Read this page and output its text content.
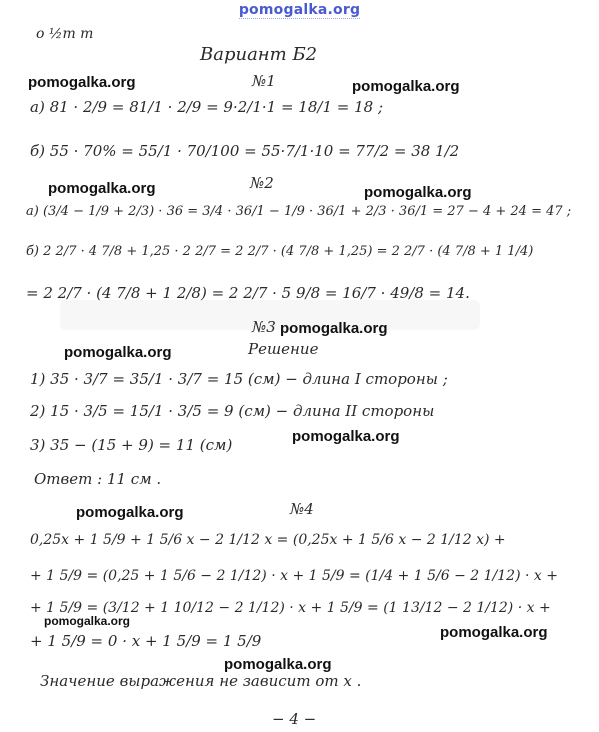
pomogalka.org
о ½m m
Вариант Б2
№1
а) 81 · 2/9 = 81/1 · 2/9 = 9·2/1·1 = 18/1 = 18 ;
б) 55 · 70% = 55/1 · 70/100 = 55·7/1·10 = 77/2 = 38 1/2
№2
а) (3/4 − 1/9 + 2/3) · 36 = 3/4 · 36/1 − 1/9 · 36/1 + 2/3 · 36/1 = 27 − 4 + 24 = 47 ;
б) 2 2/7 · 4 7/8 + 1,25 · 2 2/7 = 2 2/7 · (4 7/8 + 1,25) = 2 2/7 · (4 7/8 + 1 1/4)
= 2 2/7 · (4 7/8 + 1 2/8) = 2 2/7 · 5 9/8 = 16/7 · 49/8 = 14.
№3
Решение
1) 35 · 3/7 = 35/1 · 3/7 = 15 (см) − длина I стороны ;
2) 15 · 3/5 = 15/1 · 3/5 = 9 (см) − длина II стороны
3) 35 − (15 + 9) = 11 (см)
Ответ : 11 см .
№4
0,25x + 1 5/9 + 1 5/6 x − 2 1/12 x = (0,25x + 1 5/6 x − 2 1/12 x) +
+ 1 5/9 = (0,25 + 1 5/6 − 2 1/12) · x + 1 5/9 = (1/4 + 1 5/6 − 2 1/12) · x +
+ 1 5/9 = (3/12 + 1 10/12 − 2 1/12) · x + 1 5/9 = (1 13/12 − 2 1/12) · x +
+ 1 5/9 = 0 · x + 1 5/9 = 1 5/9
Значение выражения не зависит от x .
− 4 −
pomogalka.org	pomogalka.org
pomogalka.org	pomogalka.org
pomogalka.org
pomogalka.org
pomogalka.org
pomogalka.org
pomogalka.org
pomogalka.org
pomogalka.org
